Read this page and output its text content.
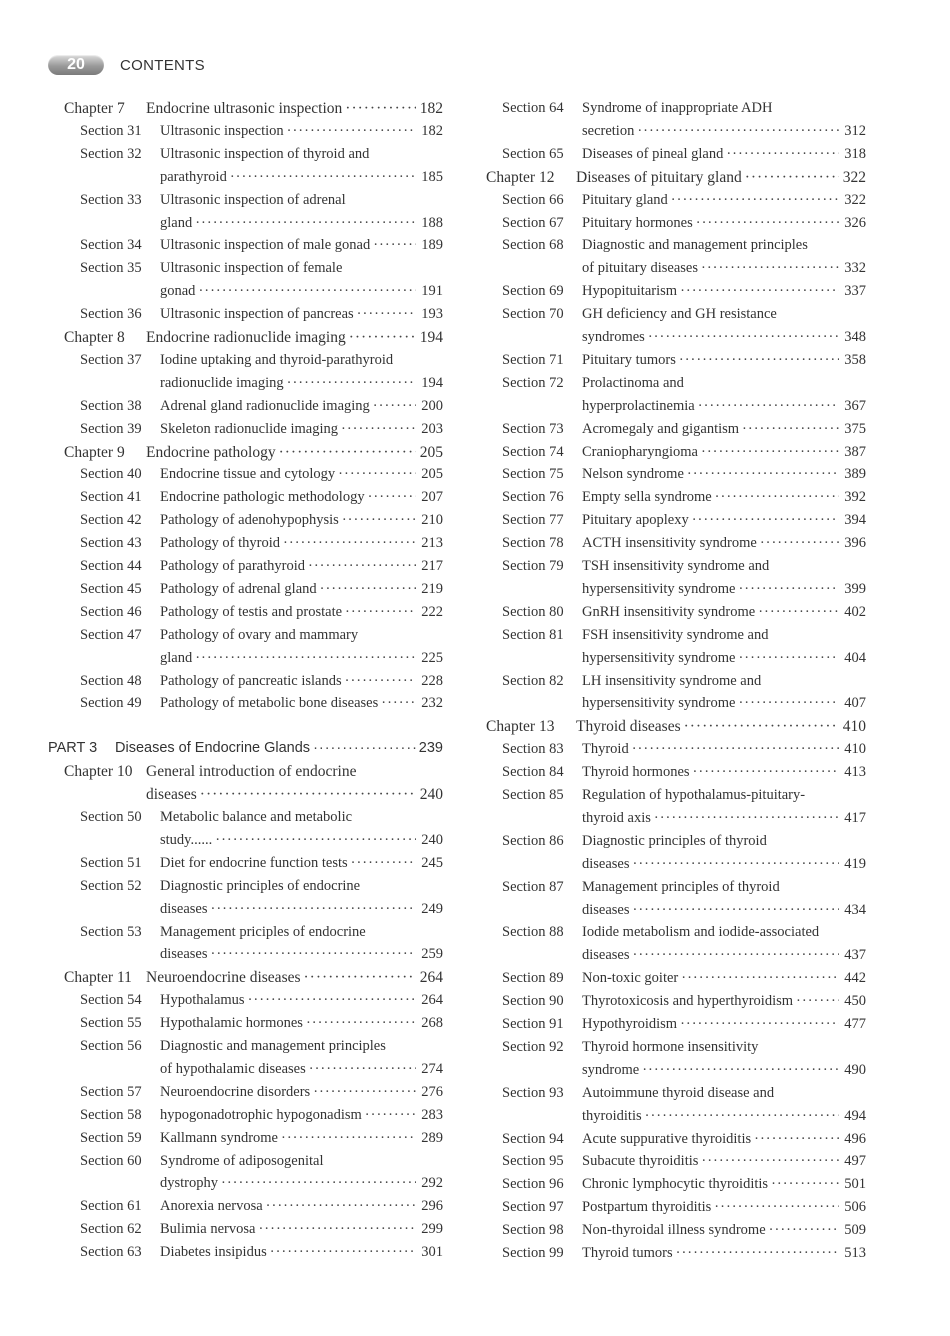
20	CONTENTS
Chapter 7 Endocrine ultrasonic inspection ·····	182
Section 31 Ultrasonic inspection ·····	182
Section 32 Ultrasonic inspection of thyroid and
parathyroid ·····	185
Section 33 Ultrasonic inspection of adrenal
gland ·····	188
Section 34 Ultrasonic inspection of male gonad ·····	189
Section 35 Ultrasonic inspection of female
gonad ·····	191
Section 36 Ultrasonic inspection of pancreas ·····	193
Chapter 8 Endocrine radionuclide imaging ·····	194
Section 37 Iodine uptaking and thyroid-parathyroid
radionuclide imaging ·····	194
Section 38 Adrenal gland radionuclide imaging ·····	200
Section 39 Skeleton radionuclide imaging ·····	203
Chapter 9 Endocrine pathology ·····	205
Section 40 Endocrine tissue and cytology ·····	205
Section 41 Endocrine pathologic methodology ·····	207
Section 42 Pathology of adenohypophysis ·····	210
Section 43 Pathology of thyroid ·····	213
Section 44 Pathology of parathyroid ·····	217
Section 45 Pathology of adrenal gland ·····	219
Section 46 Pathology of testis and prostate ·····	222
Section 47 Pathology of ovary and mammary
gland ·····	225
Section 48 Pathology of pancreatic islands ·····	228
Section 49 Pathology of metabolic bone diseases ·····	232
PART 3 Diseases of Endocrine Glands ·····	239
Chapter 10 General introduction of endocrine
diseases ·····	240
Section 50 Metabolic balance and metabolic
study...... ·····	240
Section 51 Diet for endocrine function tests ·····	245
Section 52 Diagnostic principles of endocrine
diseases ·····	249
Section 53 Management priciples of endocrine
diseases ·····	259
Chapter 11 Neuroendocrine diseases ·····	264
Section 54 Hypothalamus ·····	264
Section 55 Hypothalamic hormones ·····	268
Section 56 Diagnostic and management principles
of hypothalamic diseases ·····	274
Section 57 Neuroendocrine disorders ·····	276
Section 58 hypogonadotrophic hypogonadism ·····	283
Section 59 Kallmann syndrome ·····	289
Section 60 Syndrome of adiposogenital
dystrophy ·····	292
Section 61 Anorexia nervosa ·····	296
Section 62 Bulimia nervosa ·····	299
Section 63 Diabetes insipidus ·····	301
Section 64 Syndrome of inappropriate ADH
secretion ·····	312
Section 65 Diseases of pineal gland ·····	318
Chapter 12 Diseases of pituitary gland ·····	322
Section 66 Pituitary gland ·····	322
Section 67 Pituitary hormones ·····	326
Section 68 Diagnostic and management principles
of pituitary diseases ·····	332
Section 69 Hypopituitarism ·····	337
Section 70 GH deficiency and GH resistance
syndromes ·····	348
Section 71 Pituitary tumors ·····	358
Section 72 Prolactinoma and
hyperprolactinemia ·····	367
Section 73 Acromegaly and gigantism ·····	375
Section 74 Craniopharyngioma ·····	387
Section 75 Nelson syndrome ·····	389
Section 76 Empty sella syndrome ·····	392
Section 77 Pituitary apoplexy ·····	394
Section 78 ACTH insensitivity syndrome ·····	396
Section 79 TSH insensitivity syndrome and
hypersensitivity syndrome ·····	399
Section 80 GnRH insensitivity syndrome ·····	402
Section 81 FSH insensitivity syndrome and
hypersensitivity syndrome ·····	404
Section 82 LH insensitivity syndrome and
hypersensitivity syndrome ·····	407
Chapter 13 Thyroid diseases ·····	410
Section 83 Thyroid ·····	410
Section 84 Thyroid hormones ·····	413
Section 85 Regulation of hypothalamus-pituitary-
thyroid axis ·····	417
Section 86 Diagnostic principles of thyroid
diseases ·····	419
Section 87 Management principles of thyroid
diseases ·····	434
Section 88 Iodide metabolism and iodide-associated
diseases ·····	437
Section 89 Non-toxic goiter ·····	442
Section 90 Thyrotoxicosis and hyperthyroidism ·····	450
Section 91 Hypothyroidism ·····	477
Section 92 Thyroid hormone insensitivity
syndrome ·····	490
Section 93 Autoimmune thyroid disease and
thyroiditis ·····	494
Section 94 Acute suppurative thyroiditis ·····	496
Section 95 Subacute thyroiditis ·····	497
Section 96 Chronic lymphocytic thyroiditis ·····	501
Section 97 Postpartum thyroiditis ·····	506
Section 98 Non-thyroidal illness syndrome ·····	509
Section 99 Thyroid tumors ·····	513
